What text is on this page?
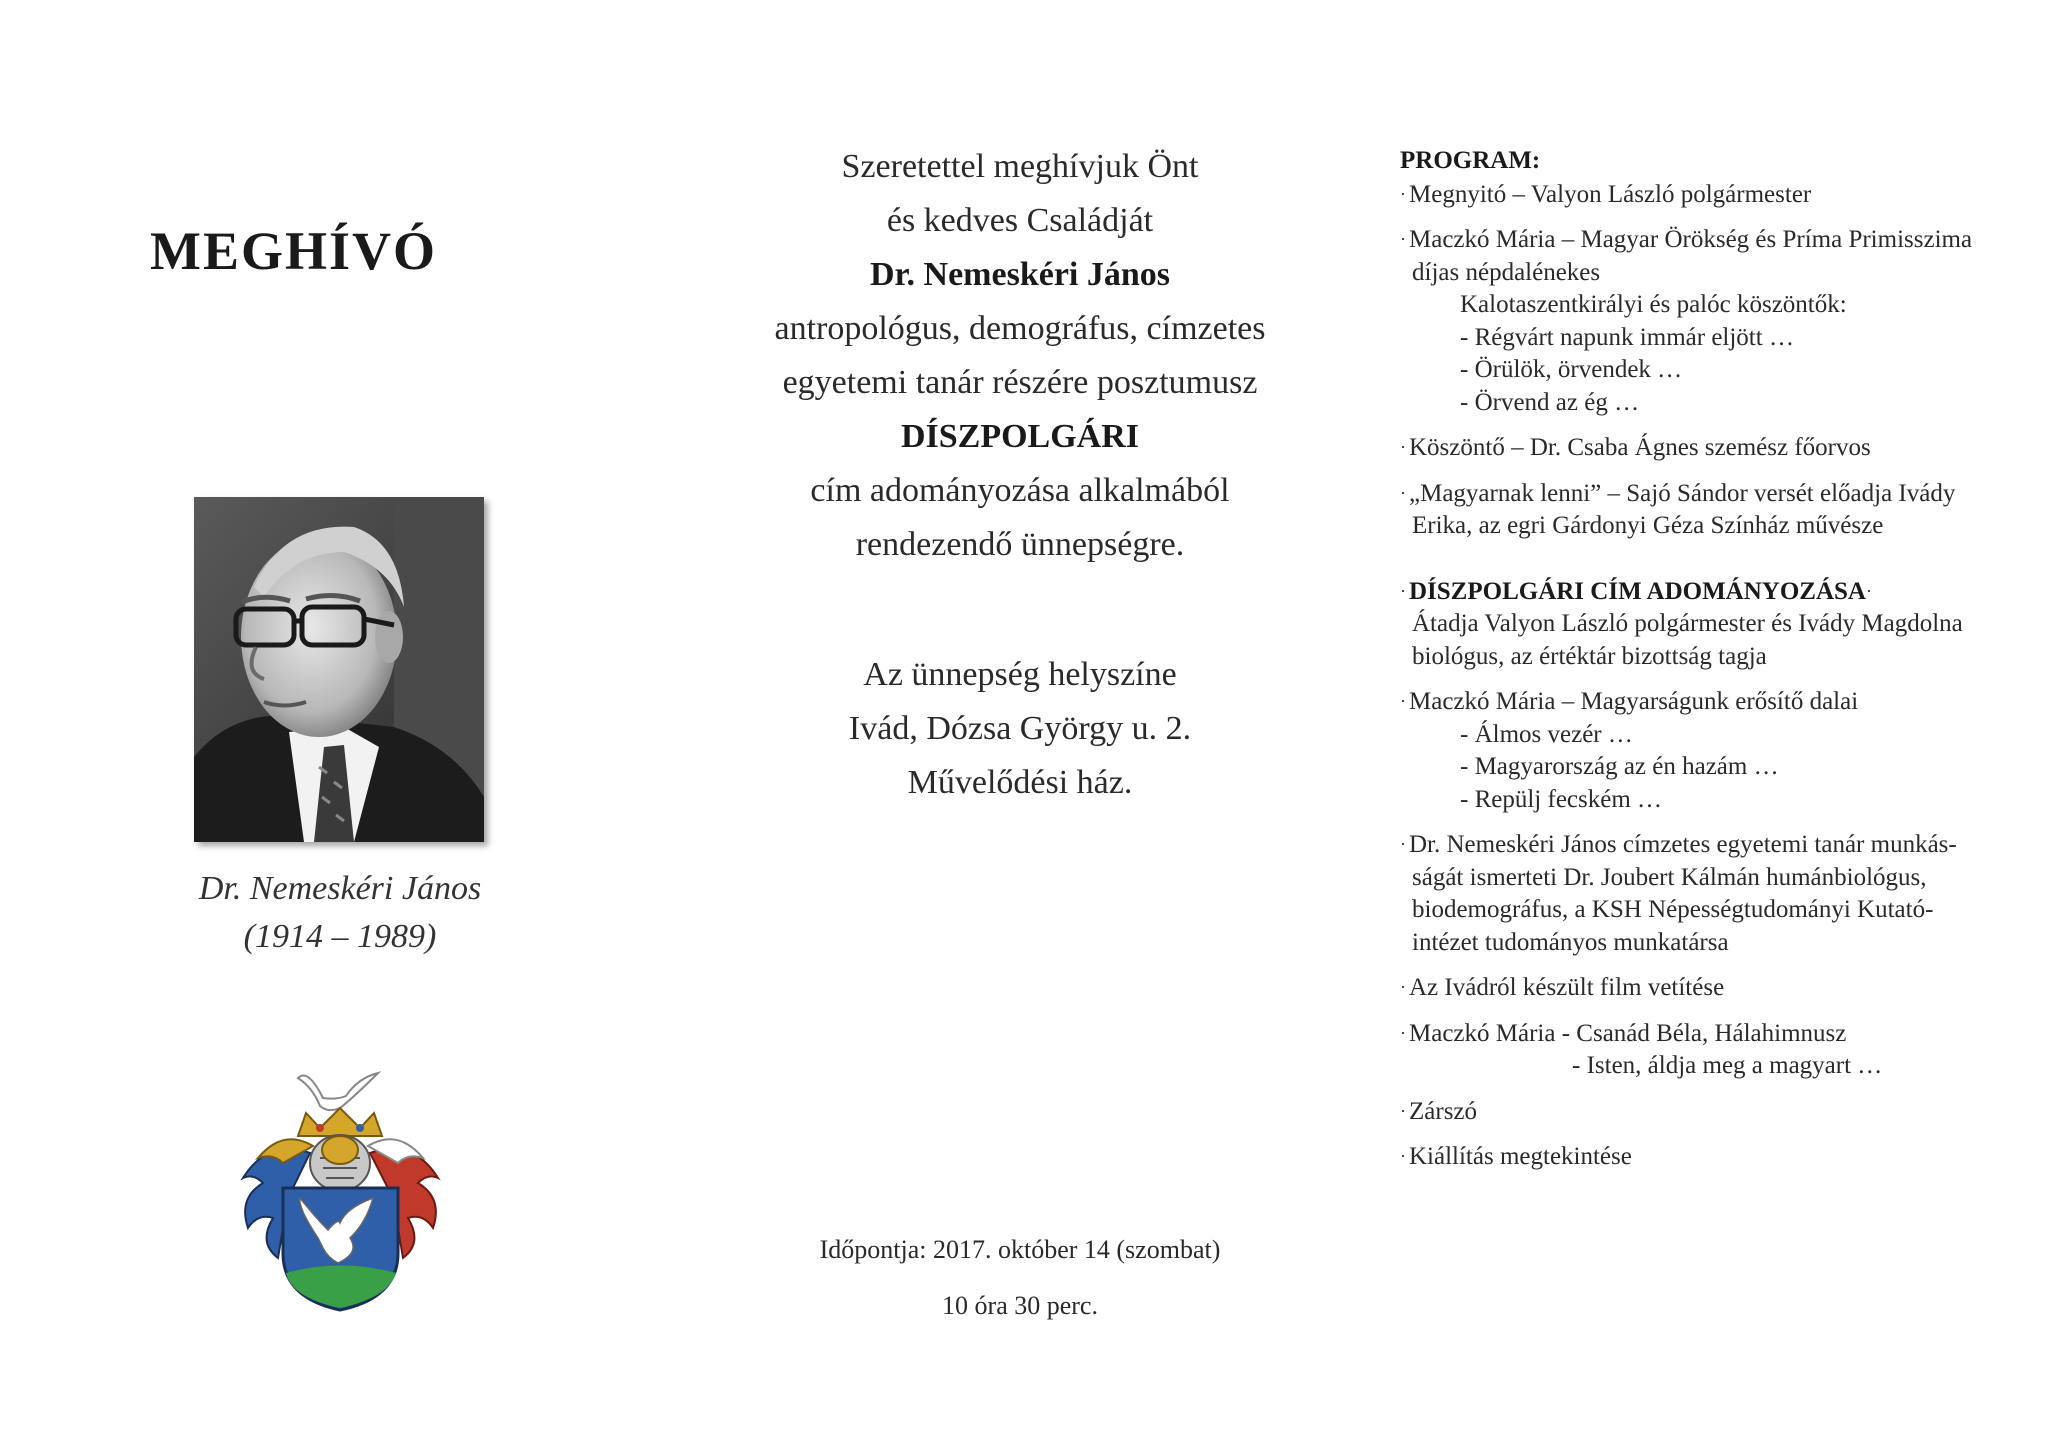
MEGHÍVÓ
Dr. Nemeskéri János
(1914 – 1989)
Szeretettel meghívjuk Önt
és kedves Családját
Dr. Nemeskéri János
antropológus, demográfus, címzetes
egyetemi tanár részére posztumusz
DÍSZPOLGÁRI
cím adományozása alkalmából
rendezendő ünnepségre.
Az ünnepség helyszíne
Ivád, Dózsa György u. 2.
Művelődési ház.
Időpontja: 2017. október 14 (szombat)
10 óra 30 perc.
PROGRAM:
· Megnyitó – Valyon László polgármester
· Maczkó Mária – Magyar Örökség és Príma Primisszima
díjas népdalénekes
Kalotaszentkirályi és palóc köszöntők:
- Régvárt napunk immár eljött …
- Örülök, örvendek …
- Örvend az ég …
· Köszöntő – Dr. Csaba Ágnes szemész főorvos
· „Magyarnak lenni” – Sajó Sándor versét előadja Ivády
Erika, az egri Gárdonyi Géza Színház művésze
· DÍSZPOLGÁRI CÍM ADOMÁNYOZÁSA·
Átadja Valyon László polgármester és Ivády Magdolna
biológus, az értéktár bizottság tagja
· Maczkó Mária – Magyarságunk erősítő dalai
- Álmos vezér …
- Magyarország az én hazám …
- Repülj fecském …
· Dr. Nemeskéri János címzetes egyetemi tanár munkás-
ságát ismerteti Dr. Joubert Kálmán humánbiológus,
biodemográfus, a KSH Népességtudományi Kutató-
intézet tudományos munkatársa
· Az Ivádról készült film vetítése
· Maczkó Mária - Csanád Béla, Hálahimnusz
- Isten, áldja meg a magyart …
· Zárszó
· Kiállítás megtekintése
